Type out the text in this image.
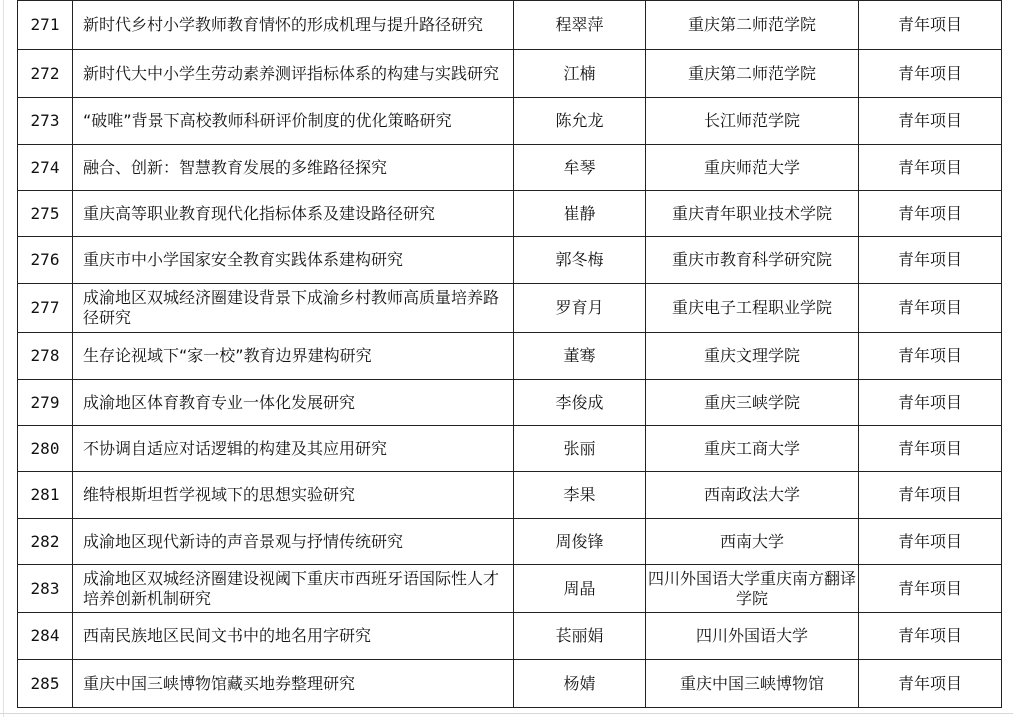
271	新时代乡村小学教师教育情怀的形成机理与提升路径研究	程翠萍	重庆第二师范学院	青年项目
272	新时代大中小学生劳动素养测评指标体系的构建与实践研究	江楠	重庆第二师范学院	青年项目
273	“破唯”背景下高校教师科研评价制度的优化策略研究	陈允龙	长江师范学院	青年项目
274	融合、创新：智慧教育发展的多维路径探究	牟琴	重庆师范大学	青年项目
275	重庆高等职业教育现代化指标体系及建设路径研究	崔静	重庆青年职业技术学院	青年项目
276	重庆市中小学国家安全教育实践体系建构研究	郭冬梅	重庆市教育科学研究院	青年项目
277	成渝地区双城经济圈建设背景下成渝乡村教师高质量培养路径研究	罗育月	重庆电子工程职业学院	青年项目
278	生存论视域下“家一校”教育边界建构研究	董骞	重庆文理学院	青年项目
279	成渝地区体育教育专业一体化发展研究	李俊成	重庆三峡学院	青年项目
280	不协调自适应对话逻辑的构建及其应用研究	张丽	重庆工商大学	青年项目
281	维特根斯坦哲学视域下的思想实验研究	李果	西南政法大学	青年项目
282	成渝地区现代新诗的声音景观与抒情传统研究	周俊锋	西南大学	青年项目
283	成渝地区双城经济圈建设视阈下重庆市西班牙语国际性人才培养创新机制研究	周晶	四川外国语大学重庆南方翻译学院	青年项目
284	西南民族地区民间文书中的地名用字研究	苌丽娟	四川外国语大学	青年项目
285	重庆中国三峡博物馆藏买地券整理研究	杨婧	重庆中国三峡博物馆	青年项目
